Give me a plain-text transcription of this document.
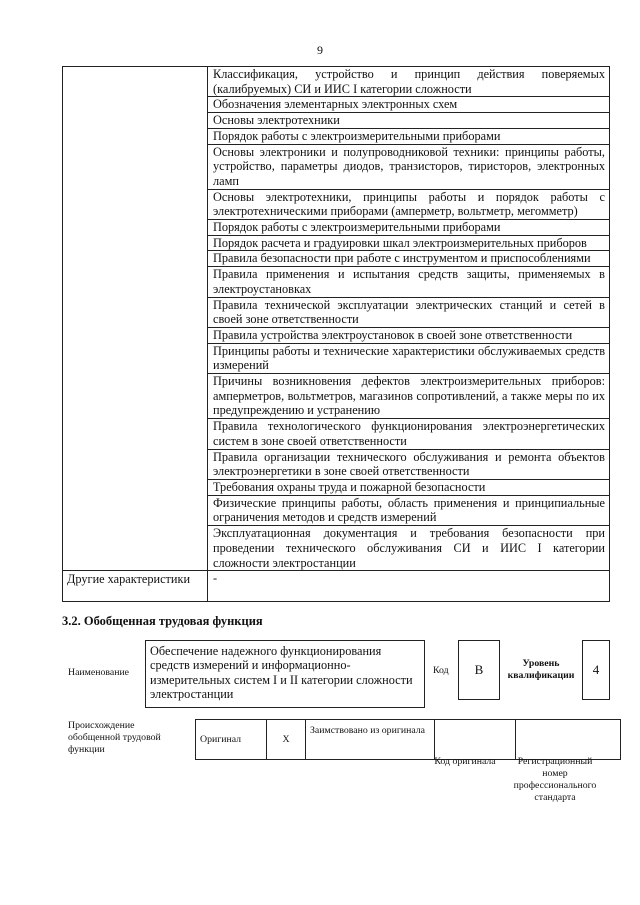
9
	Классификация, устройство и принцип действия поверяемых (калибруемых) СИ и ИИС I категории сложности
	Обозначения элементарных электронных схем
	Основы электротехники
	Порядок работы с электроизмерительными приборами
	Основы электроники и полупроводниковой техники: принципы работы, устройство, параметры диодов, транзисторов, тиристоров, электронных ламп
	Основы электротехники, принципы работы и порядок работы с электротехническими приборами (амперметр, вольтметр, мегомметр)
	Порядок работы с электроизмерительными приборами
	Порядок расчета и градуировки шкал электроизмерительных приборов
	Правила безопасности при работе с инструментом и приспособлениями
	Правила применения и испытания средств защиты, применяемых в электроустановках
	Правила технической эксплуатации электрических станций и сетей в своей зоне ответственности
	Правила устройства электроустановок в своей зоне ответственности
	Принципы работы и технические характеристики обслуживаемых средств измерений
	Причины возникновения дефектов электроизмерительных приборов: амперметров, вольтметров, магазинов сопротивлений, а также меры по их предупреждению и устранению
	Правила технологического функционирования электроэнергетических систем в зоне своей ответственности
	Правила организации технического обслуживания и ремонта объектов электроэнергетики в зоне своей ответственности
	Требования охраны труда и пожарной безопасности
	Физические принципы работы, область применения и принципиальные ограничения методов и средств измерений
	Эксплуатационная документация и требования безопасности при проведении технического обслуживания СИ и ИИС I категории сложности электростанции
Другие характеристики	-
3.2. Обобщенная трудовая функция
Наименование
Обеспечение надежного функционирования средств измерений и информационно-измерительных систем I и II категории сложности электростанции
Код	B	Уровень квалификации	4
Происхождение обобщенной трудовой функции
Оригинал	X	Заимствовано из оригинала		
Код оригинала	Регистрационный номер профессионального стандарта
